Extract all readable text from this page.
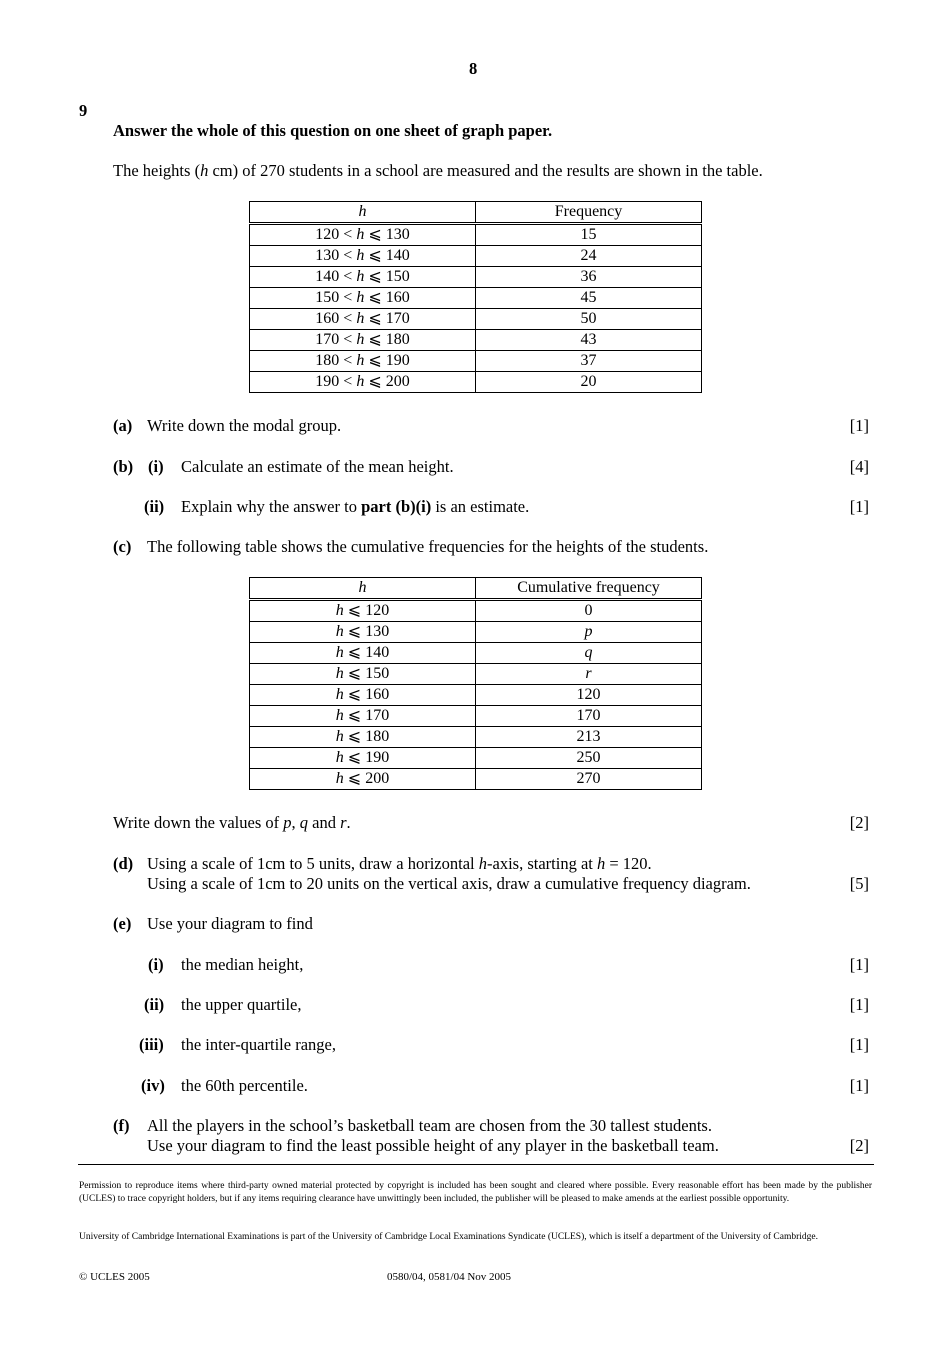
8
9
Answer the whole of this question on one sheet of graph paper.
The heights (h cm) of 270 students in a school are measured and the results are shown in the table.
h	Frequency
120 < h ⩽ 130	15
130 < h ⩽ 140	24
140 < h ⩽ 150	36
150 < h ⩽ 160	45
160 < h ⩽ 170	50
170 < h ⩽ 180	43
180 < h ⩽ 190	37
190 < h ⩽ 200	20
(a) Write down the modal group.	[1]
(b) (i) Calculate an estimate of the mean height.	[4]
(ii) Explain why the answer to part (b)(i) is an estimate.	[1]
(c) The following table shows the cumulative frequencies for the heights of the students.
h	Cumulative frequency
h ⩽ 120	0
h ⩽ 130	p
h ⩽ 140	q
h ⩽ 150	r
h ⩽ 160	120
h ⩽ 170	170
h ⩽ 180	213
h ⩽ 190	250
h ⩽ 200	270
Write down the values of p, q and r.	[2]
(d) Using a scale of 1cm to 5 units, draw a horizontal h-axis, starting at h = 120.
Using a scale of 1cm to 20 units on the vertical axis, draw a cumulative frequency diagram.	[5]
(e) Use your diagram to find
(i) the median height,	[1]
(ii) the upper quartile,	[1]
(iii) the inter-quartile range,	[1]
(iv) the 60th percentile.	[1]
(f) All the players in the school’s basketball team are chosen from the 30 tallest students.
Use your diagram to find the least possible height of any player in the basketball team.	[2]
Permission to reproduce items where third-party owned material protected by copyright is included has been sought and cleared where possible. Every reasonable effort has been made by the publisher (UCLES) to trace copyright holders, but if any items requiring clearance have unwittingly been included, the publisher will be pleased to make amends at the earliest possible opportunity.
University of Cambridge International Examinations is part of the University of Cambridge Local Examinations Syndicate (UCLES), which is itself a department of the University of Cambridge.
© UCLES 2005	0580/04, 0581/04 Nov 2005
